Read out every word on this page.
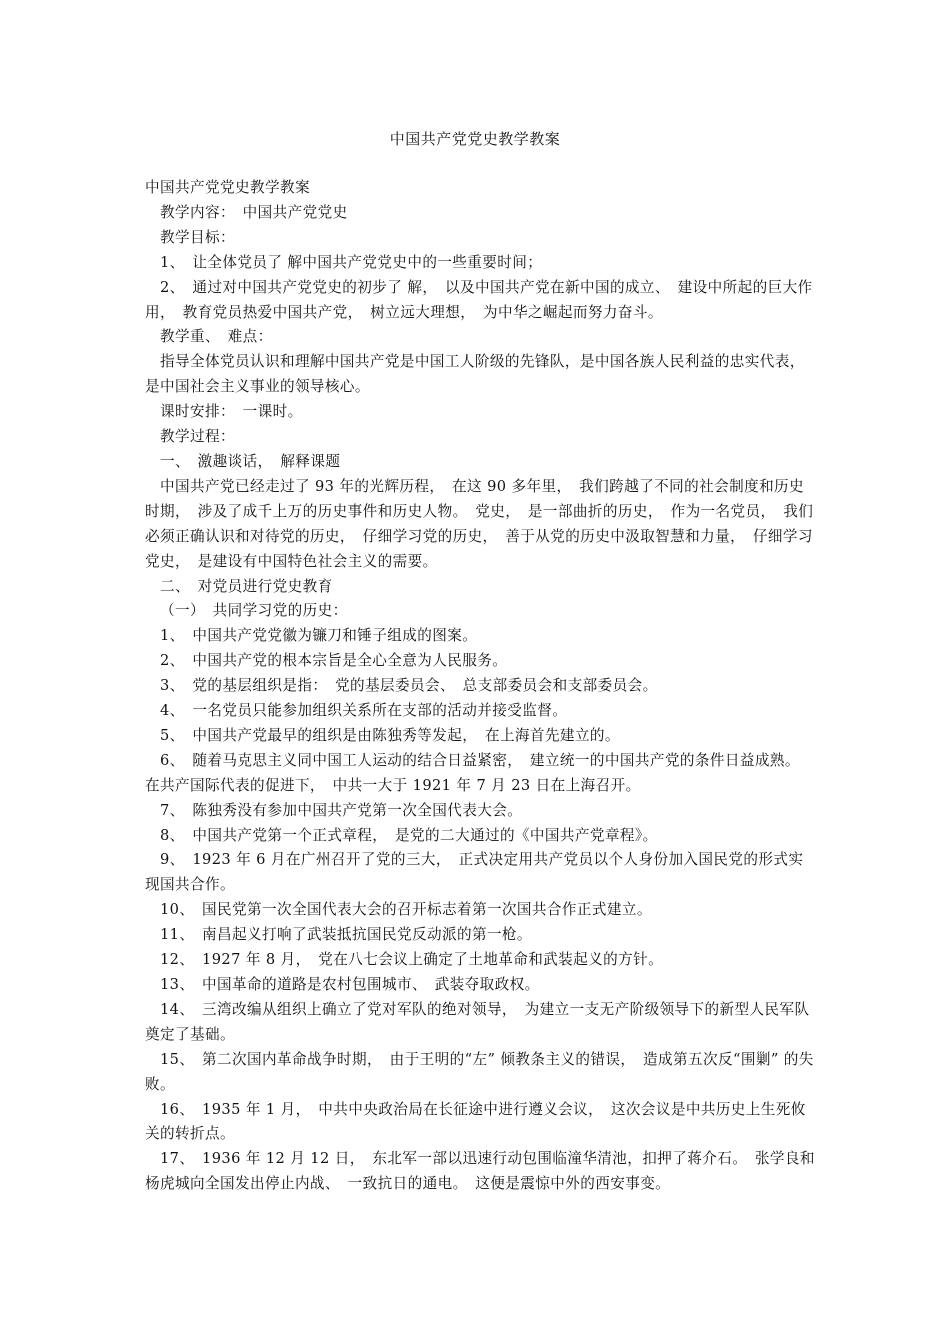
中国共产党党史教学教案

中国共产党党史教学教案

教学内容：　中国共产党党史

教学目标：

1、　让全体党员了 解中国共产党党史中的一些重要时间；

2、　通过对中国共产党党史的初步了 解，　以及中国共产党在新中国的成立、　建设中所起的巨大作用，　教育党员热爱中国共产党，　树立远大理想，　为中华之崛起而努力奋斗。

教学重、　难点：

指导全体党员认识和理解中国共产党是中国工人阶级的先锋队，是中国各族人民利益的忠实代表，　是中国社会主义事业的领导核心。

课时安排：　一课时。

教学过程：

一、　激趣谈话，　解释课题

中国共产党已经走过了 93 年的光辉历程，　在这 90 多年里，　我们跨越了不同的社会制度和历史时期，　涉及了成千上万的历史事件和历史人物。　党史，　是一部曲折的历史，　作为一名党员，　我们必须正确认识和对待党的历史，　仔细学习党的历史，　善于从党的历史中汲取智慧和力量，　仔细学习党史，　是建设有中国特色社会主义的需要。

二、　对党员进行党史教育

（一）　共同学习党的历史：

1、　中国共产党党徽为镰刀和锤子组成的图案。

2、　中国共产党的根本宗旨是全心全意为人民服务。

3、　党的基层组织是指：　党的基层委员会、　总支部委员会和支部委员会。

4、　一名党员只能参加组织关系所在支部的活动并接受监督。

5、　中国共产党最早的组织是由陈独秀等发起，　在上海首先建立的。

6、　随着马克思主义同中国工人运动的结合日益紧密，　建立统一的中国共产党的条件日益成熟。　在共产国际代表的促进下，　中共一大于 1921 年 7 月 23 日在上海召开。

7、　陈独秀没有参加中国共产党第一次全国代表大会。

8、　中国共产党第一个正式章程，　是党的二大通过的《中国共产党章程》。

9、　1923 年 6 月在广州召开了党的三大，　正式决定用共产党员以个人身份加入国民党的形式实现国共合作。

10、　国民党第一次全国代表大会的召开标志着第一次国共合作正式建立。

11、　南昌起义打响了武装抵抗国民党反动派的第一枪。

12、　1927 年 8 月，　党在八七会议上确定了土地革命和武装起义的方针。

13、　中国革命的道路是农村包围城市、　武装夺取政权。

14、　三湾改编从组织上确立了党对军队的绝对领导，　为建立一支无产阶级领导下的新型人民军队奠定了基础。

15、　第二次国内革命战争时期，　由于王明的“左” 倾教条主义的错误，　造成第五次反“围剿” 的失败。

16、　1935 年 1 月，　中共中央政治局在长征途中进行遵义会议，　这次会议是中共历史上生死攸关的转折点。

17、　1936 年 12 月 12 日，　东北军一部以迅速行动包围临潼华清池，扣押了蒋介石。　张学良和杨虎城向全国发出停止内战、　一致抗日的通电。　这便是震惊中外的西安事变。
